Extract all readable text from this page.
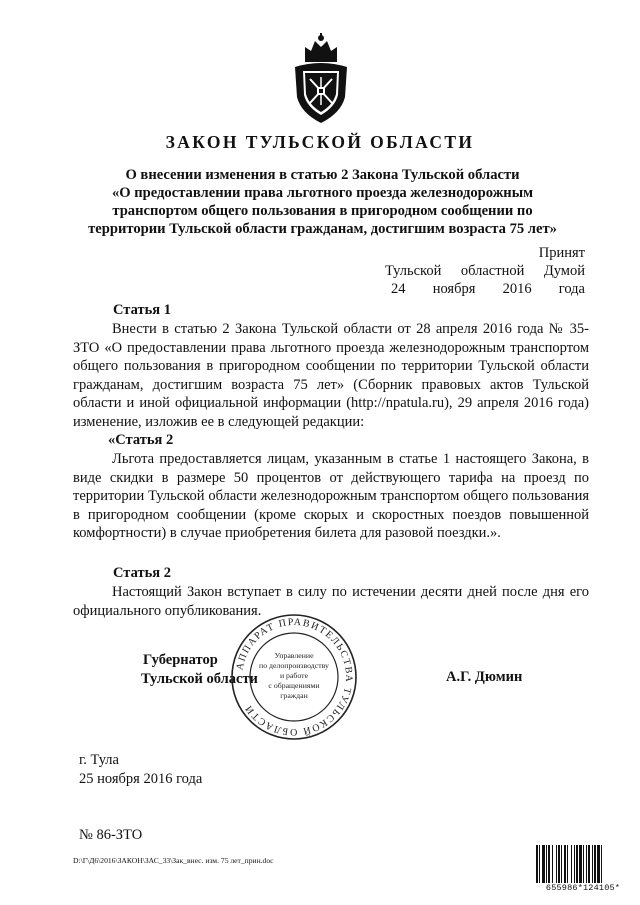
ЗАКОН ТУЛЬСКОЙ ОБЛАСТИ
О внесении изменения в статью 2 Закона Тульской области
«О предоставлении права льготного проезда железнодорожным
транспортом общего пользования в пригородном сообщении по
территории Тульской области гражданам, достигшим возраста 75 лет»
Принят
Тульской областной Думой
24 ноября 2016 года
Статья 1
Внести в статью 2 Закона Тульской области от 28 апреля 2016 года № 35-ЗТО «О предоставлении права льготного проезда железнодорожным транспортом общего пользования в пригородном сообщении по территории Тульской области гражданам, достигшим возраста 75 лет» (Сборник правовых актов Тульской области и иной официальной информации (http://npatula.ru), 29 апреля 2016 года) изменение, изложив ее в следующей редакции:
«Статья 2
Льгота предоставляется лицам, указанным в статье 1 настоящего Закона, в виде скидки в размере 50 процентов от действующего тарифа на проезд по территории Тульской области железнодорожным транспортом общего пользования в пригородном сообщении (кроме скорых и скоростных поездов повышенной комфортности) в случае приобретения билета для разовой поездки.».
Статья 2
Настоящий Закон вступает в силу по истечении десяти дней после дня его официального опубликования.
Губернатор
Тульской области	А.Г. Дюмин
АППАРАТ ПРАВИТЕЛЬСТВА ТУЛЬСКОЙ ОБЛАСТИ
Управление
по делопроизводству
и работе
с обращениями
граждан
г. Тула
25 ноября 2016 года
№ 86-ЗТО
D:\Г\Д6\2016\ЗАКОН\ЗАС_33\Зак_внес. изм. 75 лет_прин.doc
655986*124105*
